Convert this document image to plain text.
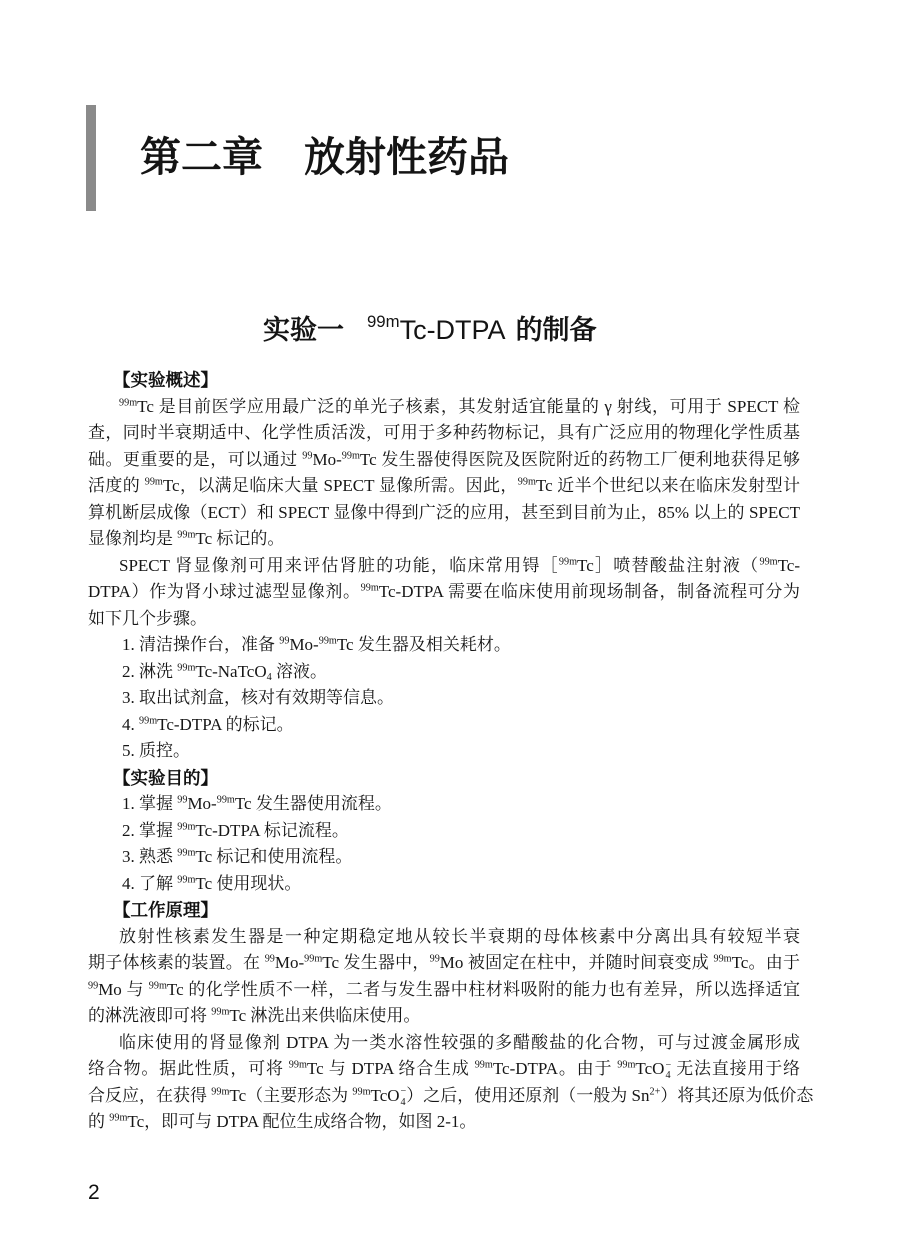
第二章　放射性药品
实验一 $^{99m}$Tc-DTPA 的制备
【实验概述】
$^{99m}$Tc 是目前医学应用最广泛的单光子核素，其发射适宜能量的 γ 射线，可用于 SPECT 检
查，同时半衰期适中、化学性质活泼，可用于多种药物标记，具有广泛应用的物理化学性质基
础。更重要的是，可以通过 $^{99}$Mo-$^{99m}$Tc 发生器使得医院及医院附近的药物工厂便利地获得足够
活度的 $^{99m}$Tc，以满足临床大量 SPECT 显像所需。因此，$^{99m}$Tc 近半个世纪以来在临床发射型计
算机断层成像（ECT）和 SPECT 显像中得到广泛的应用，甚至到目前为止，85% 以上的 SPECT
显像剂均是 $^{99m}$Tc 标记的。
SPECT 肾显像剂可用来评估肾脏的功能，临床常用锝［$^{99m}$Tc］喷替酸盐注射液（$^{99m}$Tc-
DTPA）作为肾小球过滤型显像剂。$^{99m}$Tc-DTPA 需要在临床使用前现场制备，制备流程可分为
如下几个步骤。
1. 清洁操作台，准备 $^{99}$Mo-$^{99m}$Tc 发生器及相关耗材。
2. 淋洗 $^{99m}$Tc-NaTcO$_4$ 溶液。
3. 取出试剂盒，核对有效期等信息。
4. $^{99m}$Tc-DTPA 的标记。
5. 质控。
【实验目的】
1. 掌握 $^{99}$Mo-$^{99m}$Tc 发生器使用流程。
2. 掌握 $^{99m}$Tc-DTPA 标记流程。
3. 熟悉 $^{99m}$Tc 标记和使用流程。
4. 了解 $^{99m}$Tc 使用现状。
【工作原理】
放射性核素发生器是一种定期稳定地从较长半衰期的母体核素中分离出具有较短半衰
期子体核素的装置。在 $^{99}$Mo-$^{99m}$Tc 发生器中，$^{99}$Mo 被固定在柱中，并随时间衰变成 $^{99m}$Tc。由于
$^{99}$Mo 与 $^{99m}$Tc 的化学性质不一样，二者与发生器中柱材料吸附的能力也有差异，所以选择适宜
的淋洗液即可将 $^{99m}$Tc 淋洗出来供临床使用。
临床使用的肾显像剂 DTPA 为一类水溶性较强的多醋酸盐的化合物，可与过渡金属形成
络合物。据此性质，可将 $^{99m}$Tc 与 DTPA 络合生成 $^{99m}$Tc-DTPA。由于 $^{99m}$TcO −
4 无法直接用于络
合反应，在获得 $^{99m}$Tc（主要形态为 $^{99m}$TcO −
4 ）之后，使用还原剂（一般为 $Sn^{2+}$）将其还原为低价态
的 $^{99m}$Tc，即可与 DTPA 配位生成络合物，如图 2-1。
2
